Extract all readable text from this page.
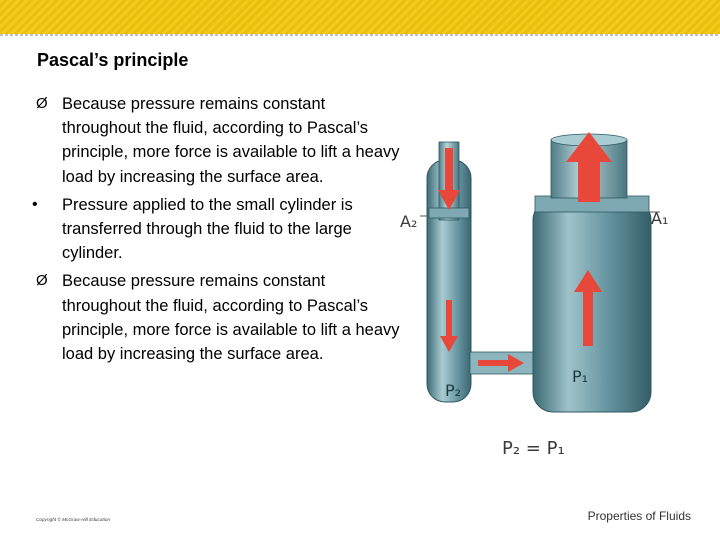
Pascal’s principle
Ø Because pressure remains constant throughout the fluid, according to Pascal’s principle, more force is available to lift a heavy load by increasing the surface area.
•	Pressure applied to the small cylinder is transferred through the fluid to the large cylinder.
Ø Because pressure remains constant throughout the fluid, according to Pascal’s principle, more force is available to lift a heavy load by increasing the surface area.
A₂	A₁
P₂
P₁
P₂ = P₁
Copyright © McGraw-Hill Education	Properties of Fluids
